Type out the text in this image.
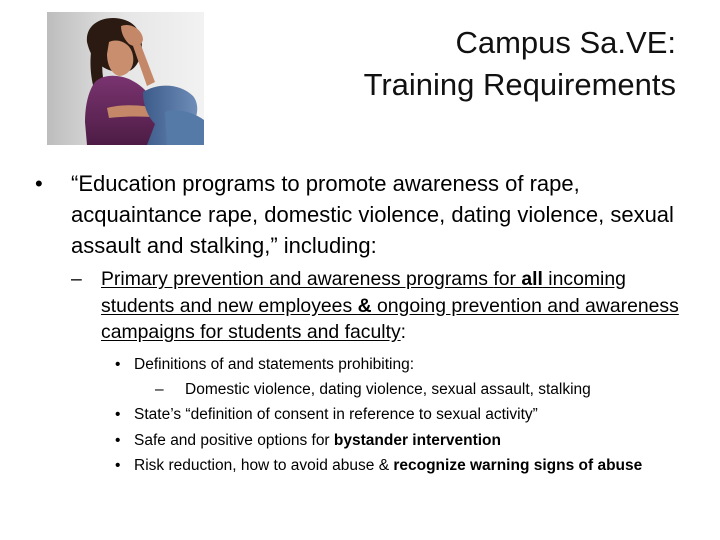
Campus Sa.VE:
Training Requirements
• “Education programs to promote awareness of rape, acquaintance rape, domestic violence, dating violence, sexual assault and stalking,” including:
– Primary prevention and awareness programs for all incoming students and new employees & ongoing prevention and awareness campaigns for students and faculty:
• Definitions of and statements prohibiting:
– Domestic violence, dating violence, sexual assault, stalking
• State’s “definition of consent in reference to sexual activity”
• Safe and positive options for bystander intervention
• Risk reduction, how to avoid abuse & recognize warning signs of abuse
